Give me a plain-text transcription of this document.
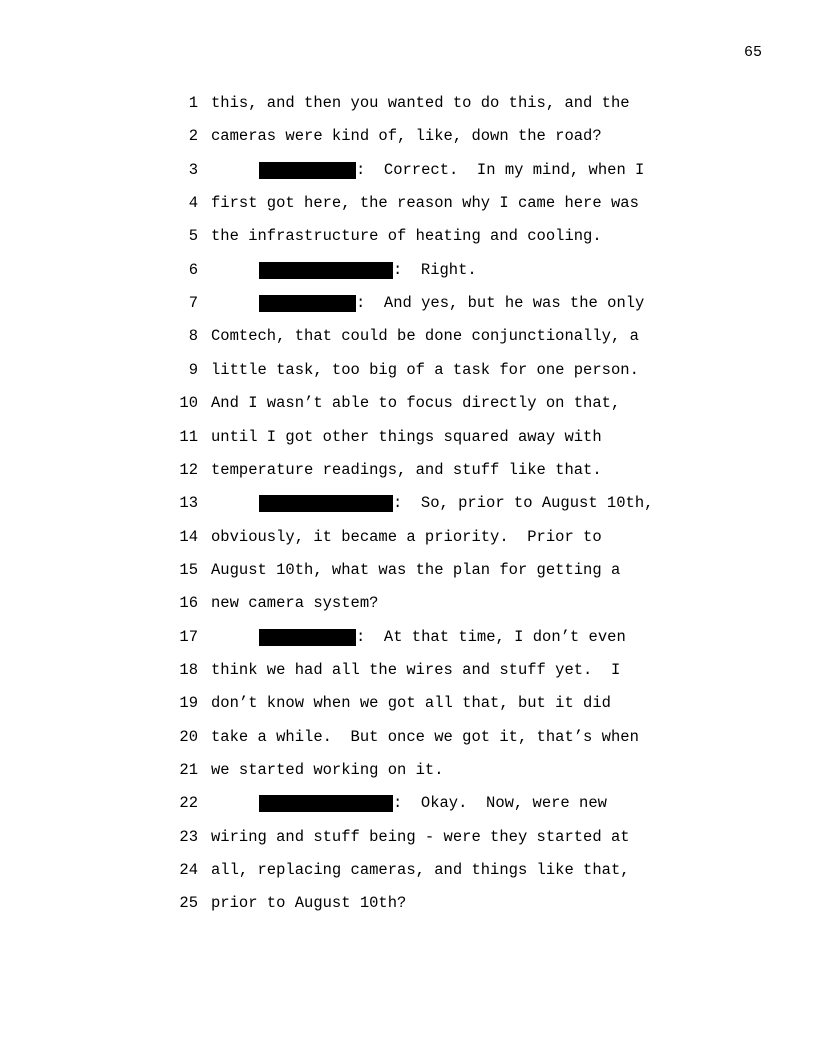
65
1 this, and then you wanted to do this, and the
2 cameras were kind of, like, down the road?
3	:  Correct.  In my mind, when I
4 first got here, the reason why I came here was
5 the infrastructure of heating and cooling.
6	:  Right.
7	:  And yes, but he was the only
8 Comtech, that could be done conjunctionally, a
9 little task, too big of a task for one person.
10 And I wasn’t able to focus directly on that,
11 until I got other things squared away with
12 temperature readings, and stuff like that.
13	:  So, prior to August 10th,
14 obviously, it became a priority.  Prior to
15 August 10th, what was the plan for getting a
16 new camera system?
17	:  At that time, I don’t even
18 think we had all the wires and stuff yet.  I
19 don’t know when we got all that, but it did
20 take a while.  But once we got it, that’s when
21 we started working on it.
22	:  Okay.  Now, were new
23 wiring and stuff being - were they started at
24 all, replacing cameras, and things like that,
25 prior to August 10th?
